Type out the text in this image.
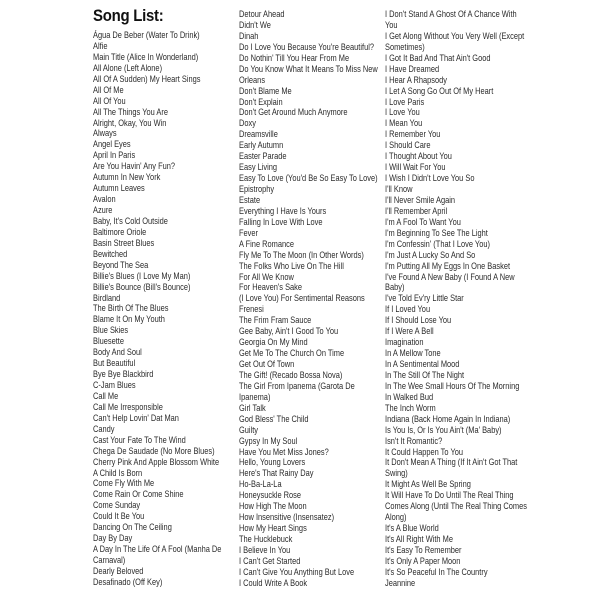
Song List:
Água De Beber (Water To Drink)
Alfie
Main Title (Alice In Wonderland)
All Alone (Left Alone)
All Of A Sudden) My Heart Sings
All Of Me
All Of You
All The Things You Are
Alright, Okay, You Win
Always
Angel Eyes
April In Paris
Are You Havin' Any Fun?
Autumn In New York
Autumn Leaves
Avalon
Azure
Baby, It's Cold Outside
Baltimore Oriole
Basin Street Blues
Bewitched
Beyond The Sea
Billie's Blues (I Love My Man)
Billie's Bounce (Bill's Bounce)
Birdland
The Birth Of The Blues
Blame It On My Youth
Blue Skies
Bluesette
Body And Soul
But Beautiful
Bye Bye Blackbird
C-Jam Blues
Call Me
Call Me Irresponsible
Can't Help Lovin' Dat Man
Candy
Cast Your Fate To The Wind
Chega De Saudade (No More Blues)
Cherry Pink And Apple Blossom White
A Child Is Born
Come Fly With Me
Come Rain Or Come Shine
Come Sunday
Could It Be You
Dancing On The Ceiling
Day By Day
A Day In The Life Of A Fool (Manha De
Carnaval)
Dearly Beloved
Desafinado (Off Key)
Detour Ahead
Didn't We
Dinah
Do I Love You Because You're Beautiful?
Do Nothin' Till You Hear From Me
Do You Know What It Means To Miss New
Orleans
Don't Blame Me
Don't Explain
Don't Get Around Much Anymore
Doxy
Dreamsville
Early Autumn
Easter Parade
Easy Living
Easy To Love (You'd Be So Easy To Love)
Epistrophy
Estate
Everything I Have Is Yours
Falling In Love With Love
Fever
A Fine Romance
Fly Me To The Moon (In Other Words)
The Folks Who Live On The Hill
For All We Know
For Heaven's Sake
(I Love You) For Sentimental Reasons
Frenesi
The Frim Fram Sauce
Gee Baby, Ain't I Good To You
Georgia On My Mind
Get Me To The Church On Time
Get Out Of Town
The Gift! (Recado Bossa Nova)
The Girl From Ipanema (Garota De
Ipanema)
Girl Talk
God Bless' The Child
Guilty
Gypsy In My Soul
Have You Met Miss Jones?
Hello, Young Lovers
Here's That Rainy Day
Ho-Ba-La-La
Honeysuckle Rose
How High The Moon
How Insensitive (Insensatez)
How My Heart Sings
The Hucklebuck
I Believe In You
I Can't Get Started
I Can't Give You Anything But Love
I Could Write A Book
I Don't Stand A Ghost Of A Chance With
You
I Get Along Without You Very Well (Except
Sometimes)
I Got It Bad And That Ain't Good
I Have Dreamed
I Hear A Rhapsody
I Let A Song Go Out Of My Heart
I Love Paris
I Love You
I Mean You
I Remember You
I Should Care
I Thought About You
I Will Wait For You
I Wish I Didn't Love You So
I'll Know
I'll Never Smile Again
I'll Remember April
I'm A Fool To Want You
I'm Beginning To See The Light
I'm Confessin' (That I Love You)
I'm Just A Lucky So And So
I'm Putting All My Eggs In One Basket
I've Found A New Baby (I Found A New
Baby)
I've Told Ev'ry Little Star
If I Loved You
If I Should Lose You
If I Were A Bell
Imagination
In A Mellow Tone
In A Sentimental Mood
In The Still Of The Night
In The Wee Small Hours Of The Morning
In Walked Bud
The Inch Worm
Indiana (Back Home Again In Indiana)
Is You Is, Or Is You Ain't (Ma' Baby)
Isn't It Romantic?
It Could Happen To You
It Don't Mean A Thing (If It Ain't Got That
Swing)
It Might As Well Be Spring
It Will Have To Do Until The Real Thing
Comes Along (Until The Real Thing Comes
Along)
It's A Blue World
It's All Right With Me
It's Easy To Remember
It's Only A Paper Moon
It's So Peaceful In The Country
Jeannine
